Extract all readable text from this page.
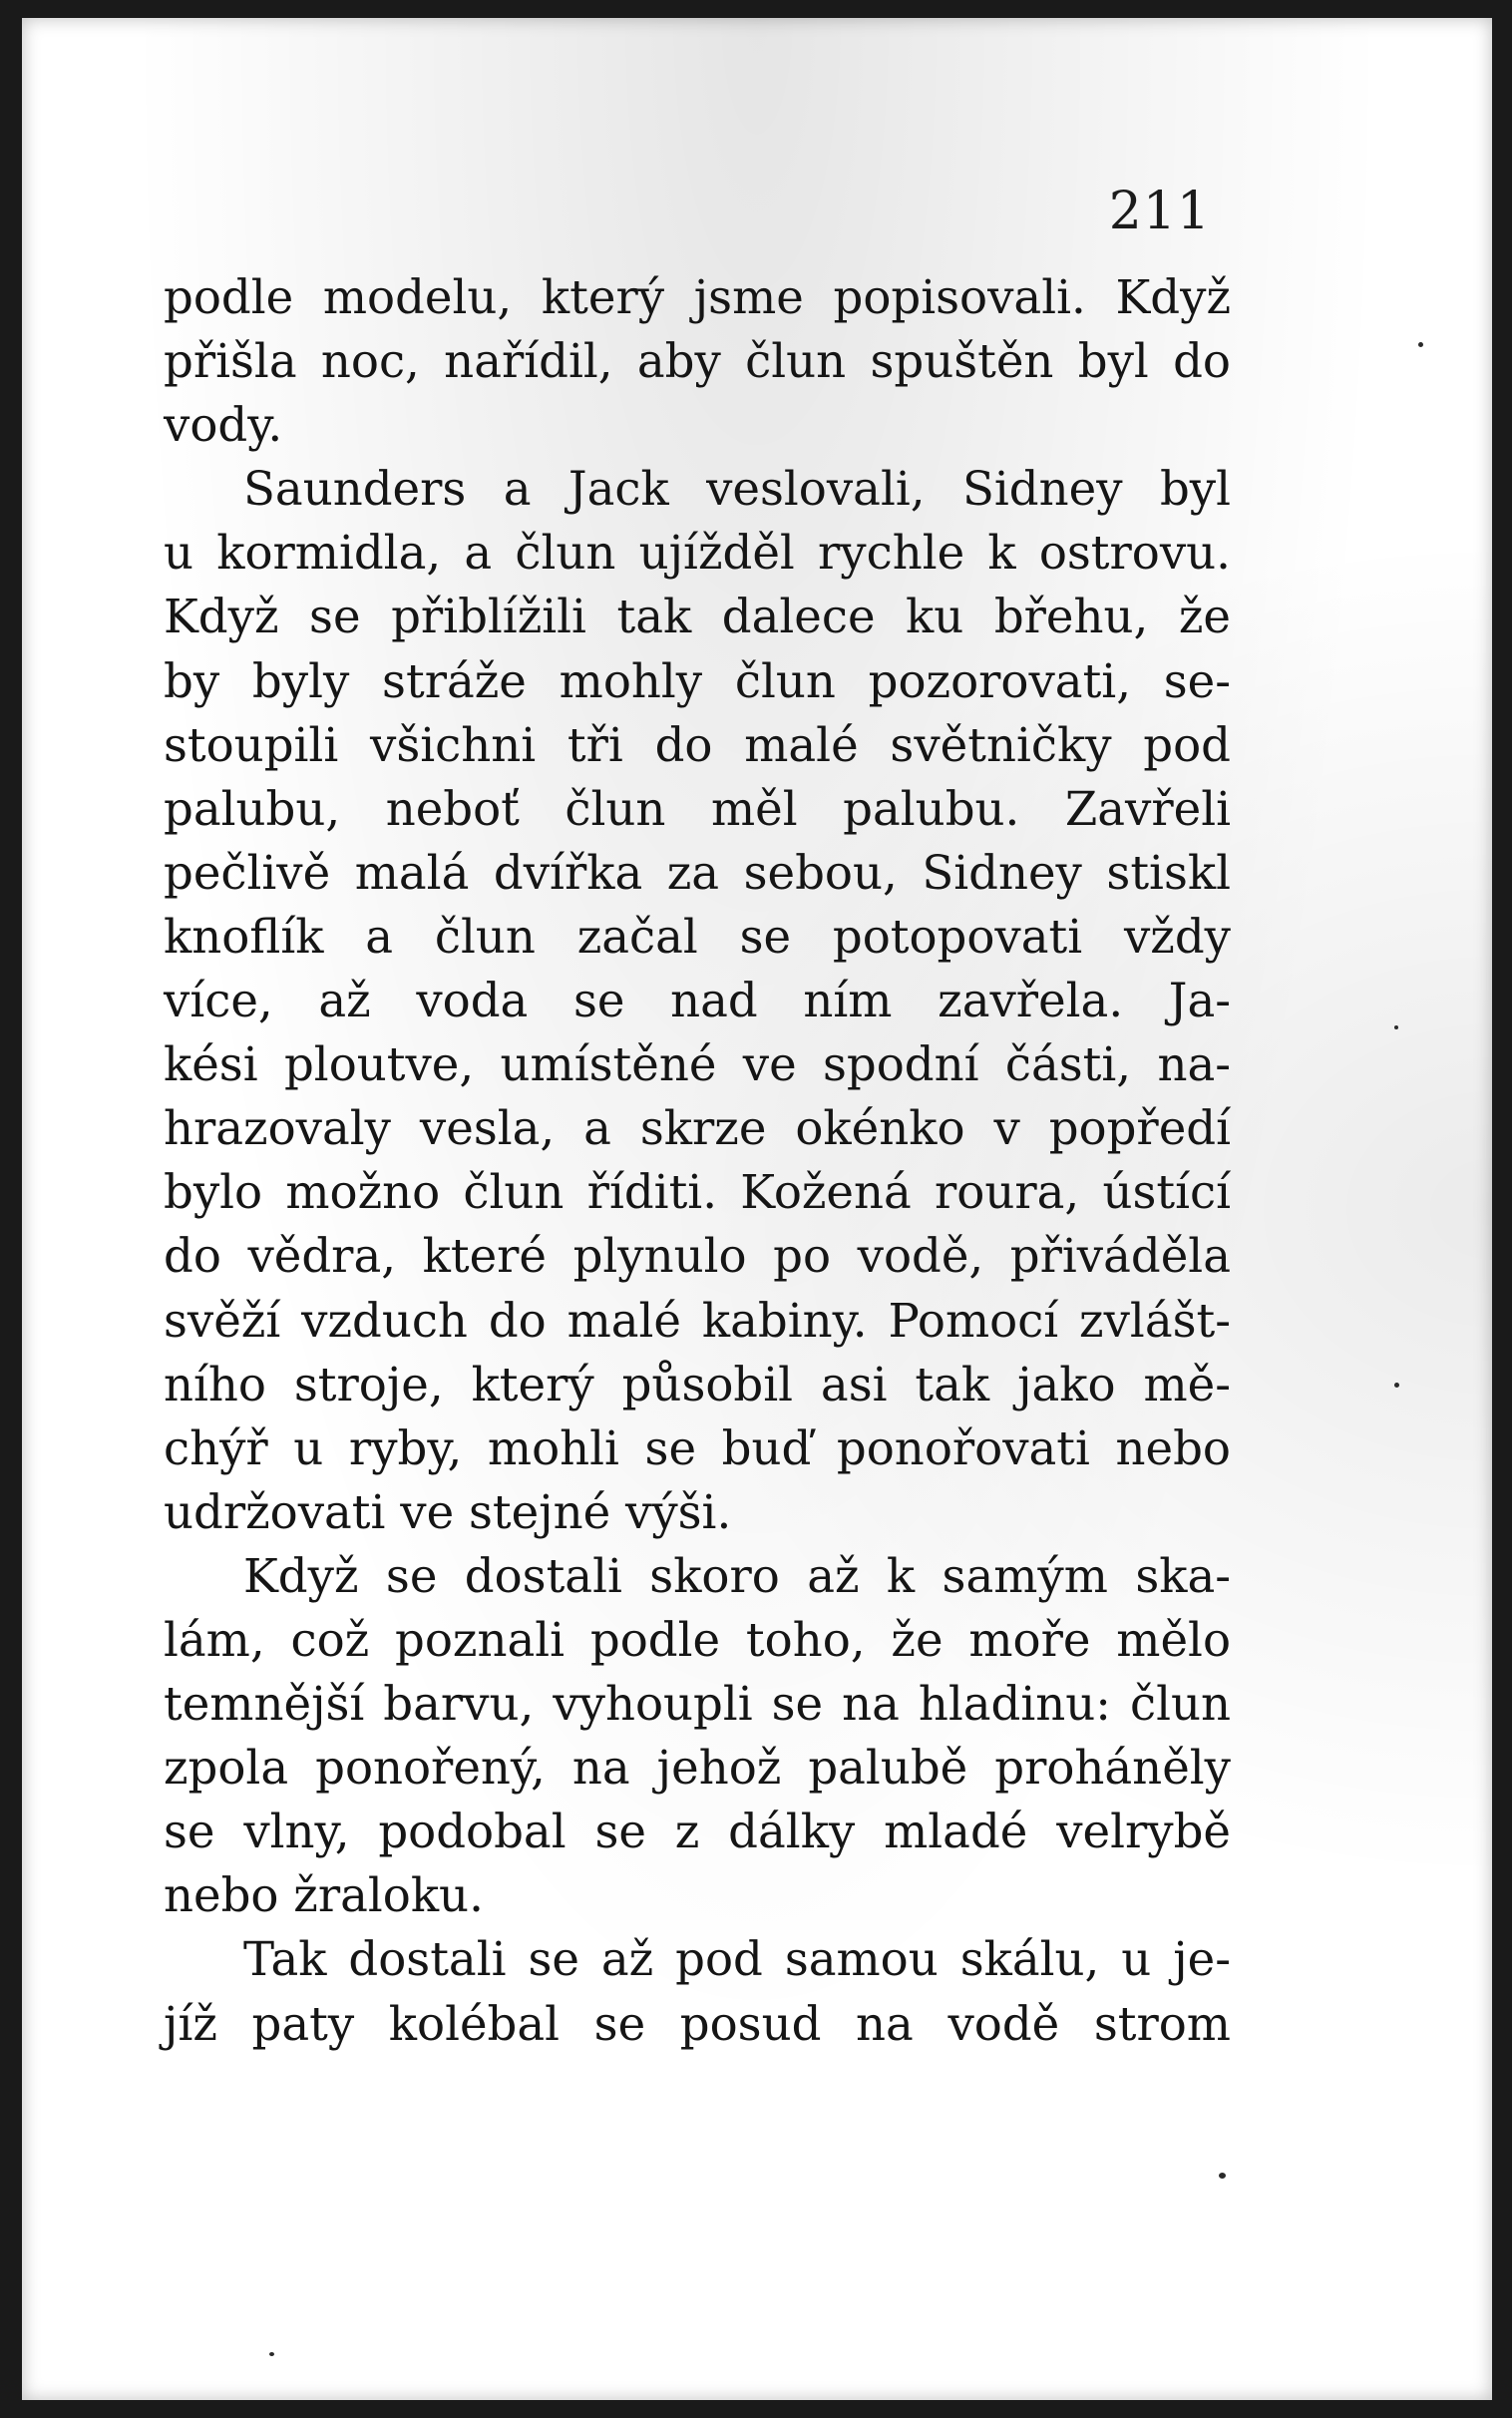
211

podle modelu, který jsme popisovali. Když
přišla noc, nařídil, aby člun spuštěn byl do
vody.

Saunders a Jack veslovali, Sidney byl
u kormidla, a člun ujížděl rychle k ostrovu.
Když se přiblížili tak dalece ku břehu, že
by byly stráže mohly člun pozorovati, se-
stoupili všichni tři do malé světničky pod
palubu, neboť člun měl palubu. Zavřeli
pečlivě malá dvířka za sebou, Sidney stiskl
knoflík a člun začal se potopovati vždy
více, až voda se nad ním zavřela. Ja-
kési ploutve, umístěné ve spodní části, na-
hrazovaly vesla, a skrze okénko v popředí
bylo možno člun říditi. Kožená roura, ústící
do vědra, které plynulo po vodě, přiváděla
svěží vzduch do malé kabiny. Pomocí zvlášt-
ního stroje, který působil asi tak jako mě-
chýř u ryby, mohli se buď ponořovati nebo
udržovati ve stejné výši.

Když se dostali skoro až k samým ska-
lám, což poznali podle toho, že moře mělo
temnější barvu, vyhoupli se na hladinu: člun
zpola ponořený, na jehož palubě proháněly
se vlny, podobal se z dálky mladé velrybě
nebo žraloku.

Tak dostali se až pod samou skálu, u je-
jíž paty kolébal se posud na vodě strom
